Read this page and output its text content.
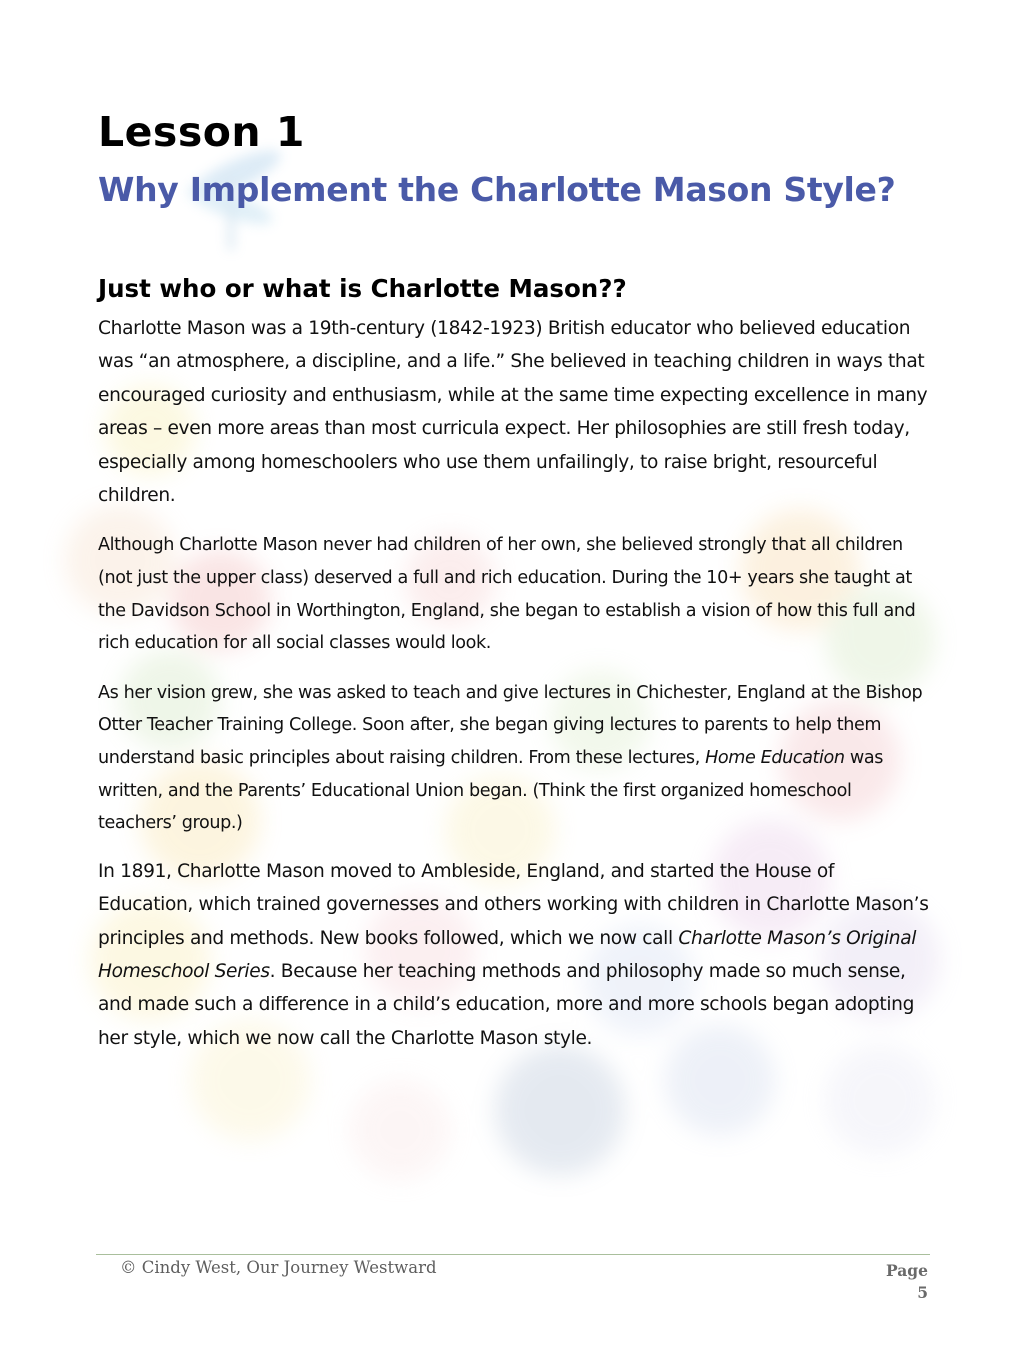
Lesson 1
Why Implement the Charlotte Mason Style?
Just who or what is Charlotte Mason??

Charlotte Mason was a 19th-century (1842-1923) British educator who believed education was “an atmosphere, a discipline, and a life.” She believed in teaching children in ways that encouraged curiosity and enthusiasm, while at the same time expecting excellence in many areas – even more areas than most curricula expect. Her philosophies are still fresh today, especially among homeschoolers who use them unfailingly, to raise bright, resourceful children.

Although Charlotte Mason never had children of her own, she believed strongly that all children (not just the upper class) deserved a full and rich education. During the 10+ years she taught at the Davidson School in Worthington, England, she began to establish a vision of how this full and rich education for all social classes would look.

As her vision grew, she was asked to teach and give lectures in Chichester, England at the Bishop Otter Teacher Training College. Soon after, she began giving lectures to parents to help them understand basic principles about raising children. From these lectures, Home Education was written, and the Parents’ Educational Union began. (Think the first organized homeschool teachers’ group.)

In 1891, Charlotte Mason moved to Ambleside, England, and started the House of Education, which trained governesses and others working with children in Charlotte Mason’s principles and methods. New books followed, which we now call Charlotte Mason’s Original Homeschool Series. Because her teaching methods and philosophy made so much sense, and made such a difference in a child’s education, more and more schools began adopting her style, which we now call the Charlotte Mason style.

© Cindy West, Our Journey Westward	Page
5
